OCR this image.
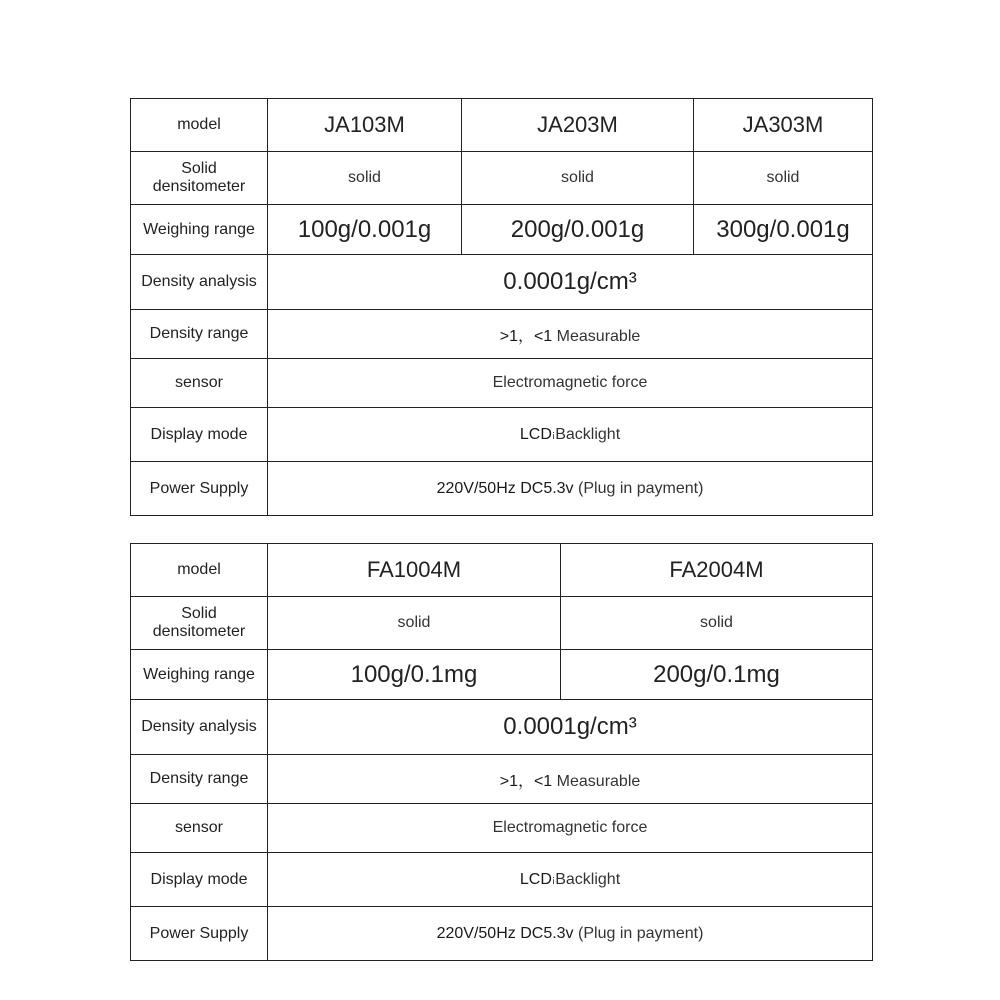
model	JA103M	JA203M	JA303M
Solid
densitometer	solid	solid	solid
Weighing range	100g/0.001g	200g/0.001g	300g/0.001g
Density analysis	0.0001g/cm³		
Density range	>1，<1 Measurable		
sensor	Electromagnetic force		
Display mode	LCD¡Backlight		
Power Supply	220V/50Hz DC5.3v (Plug in payment)		
model	FA1004M	FA2004M
Solid
densitometer	solid	solid
Weighing range	100g/0.1mg	200g/0.1mg
Density analysis	0.0001g/cm³	
Density range	>1，<1 Measurable	
sensor	Electromagnetic force	
Display mode	LCD¡Backlight	
Power Supply	220V/50Hz DC5.3v (Plug in payment)	
